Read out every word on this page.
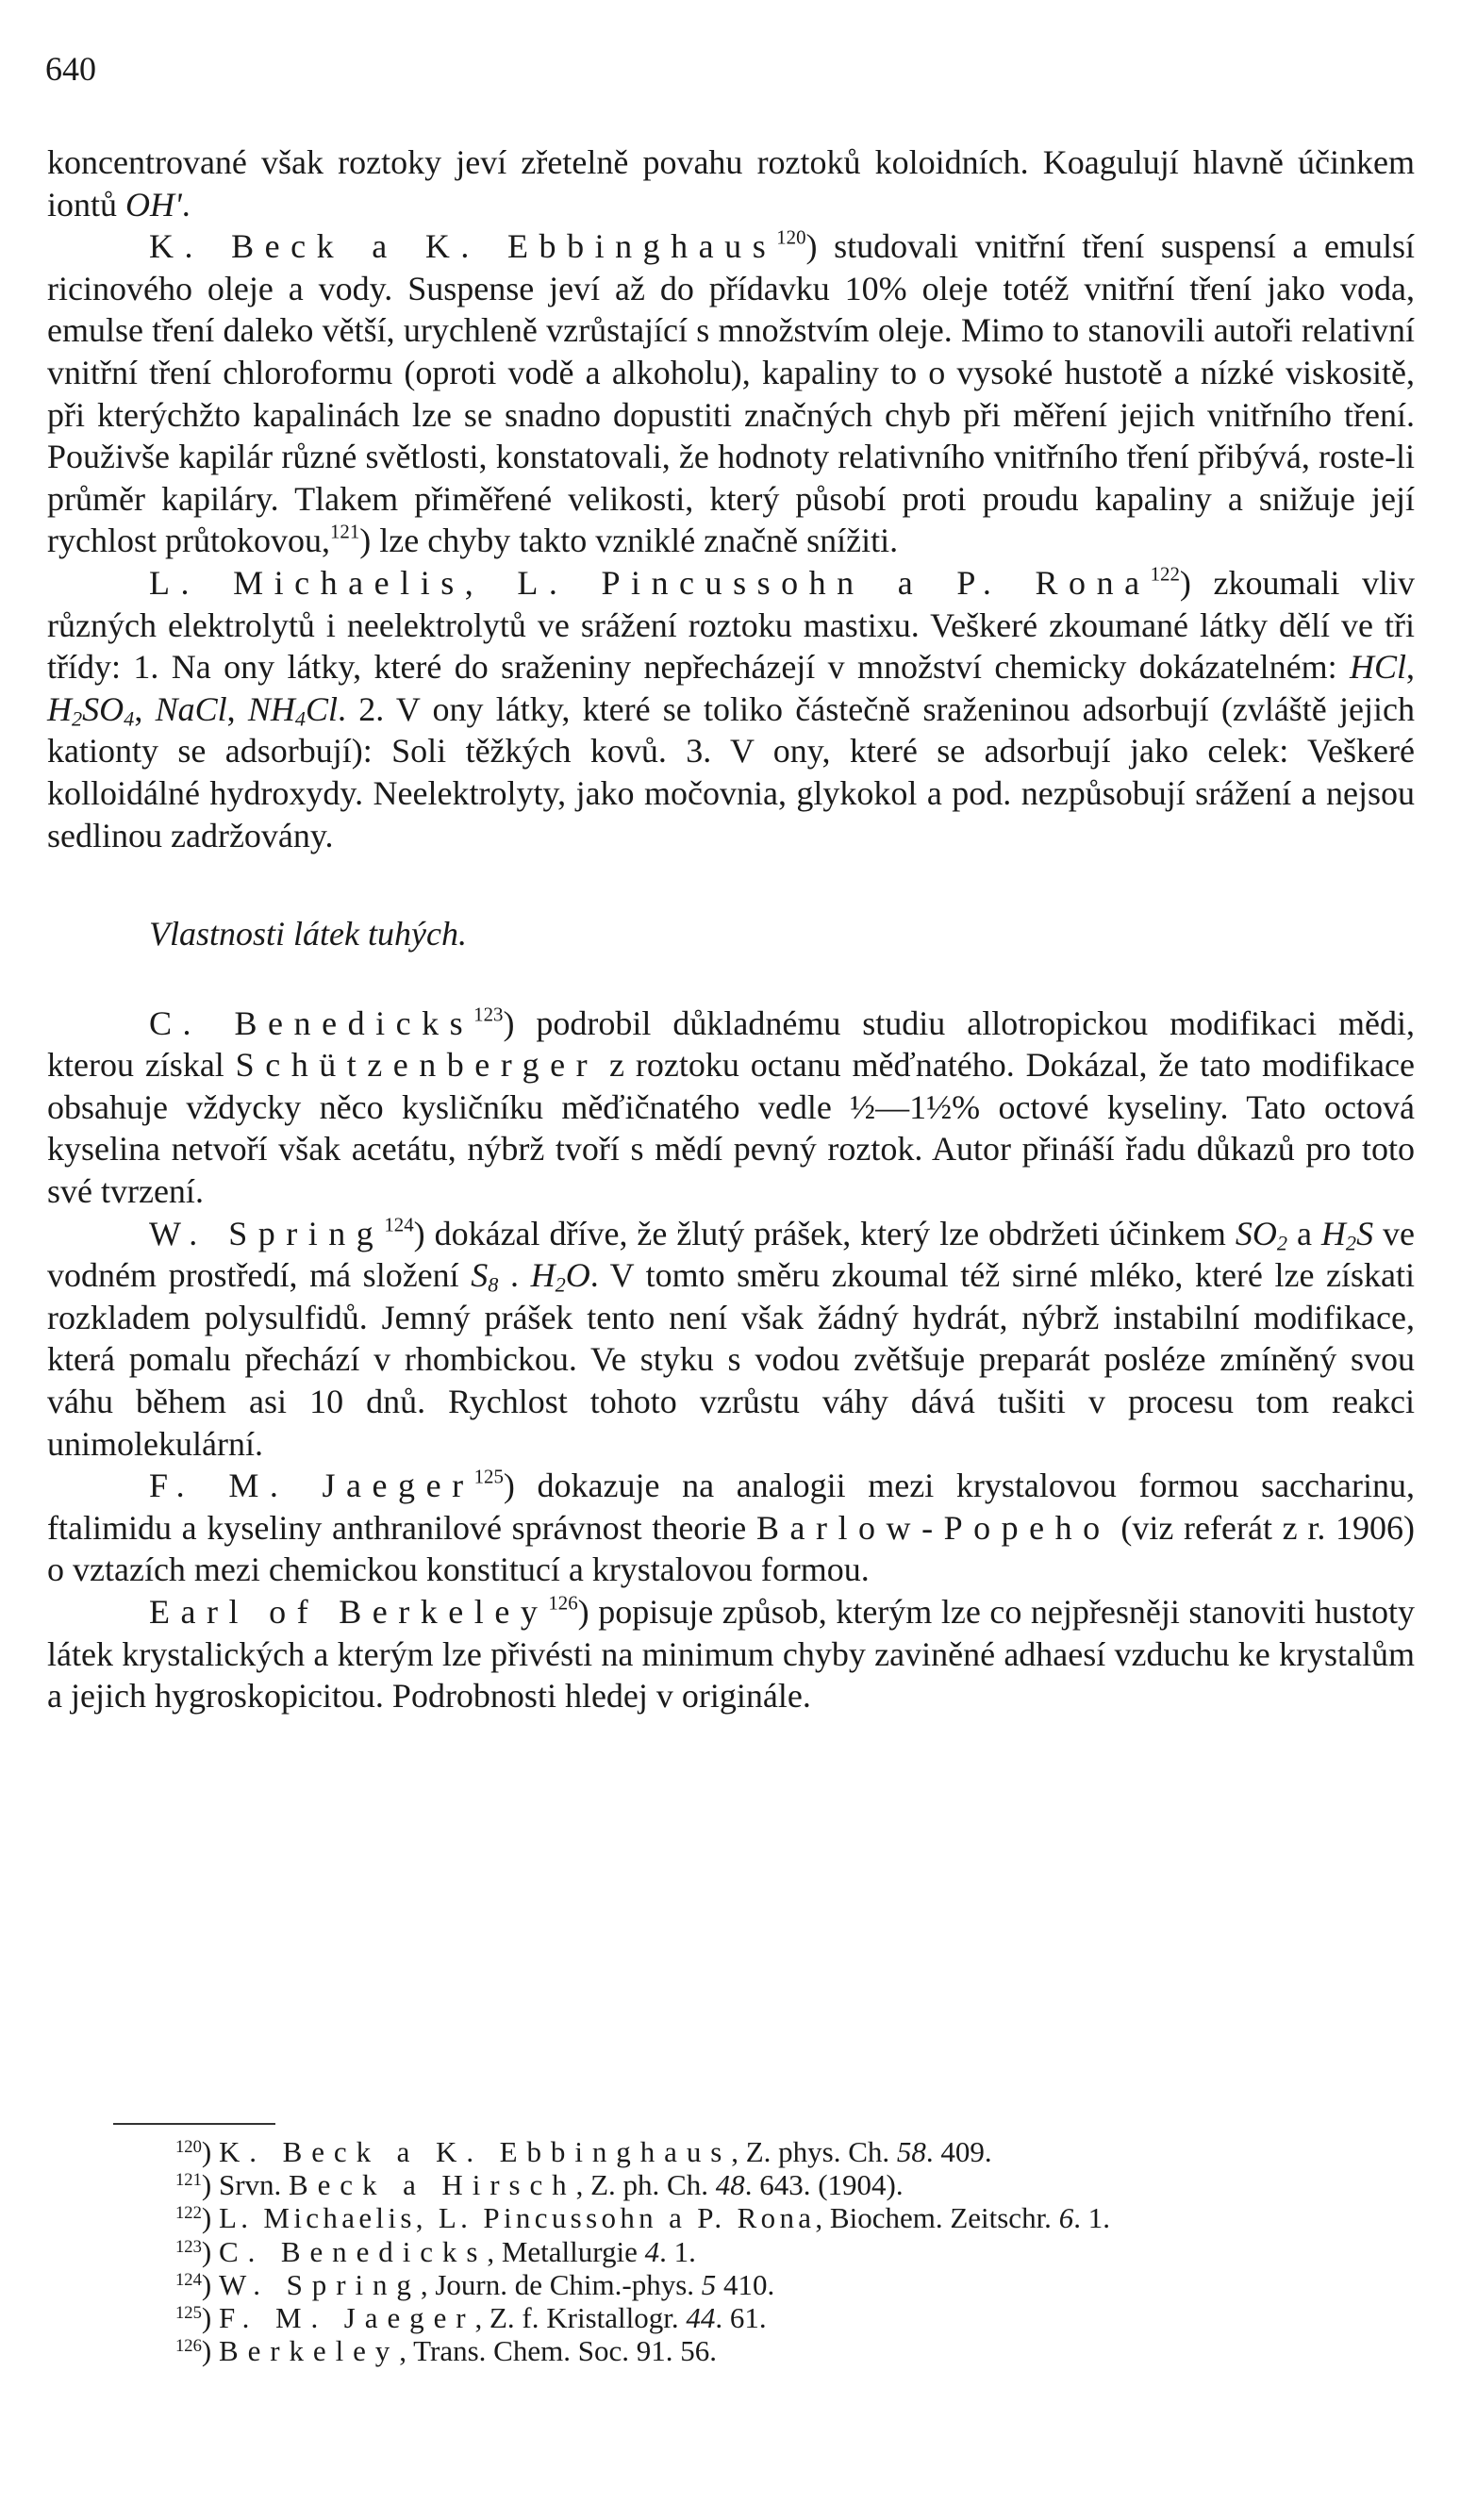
640

koncentrované však roztoky jeví zřetelně povahu roztoků koloidních. Koagulují hlavně účinkem iontů OH'.

K. Beck a K. Ebbinghaus$^{120}$) studovali vnitřní tření suspensí a emulsí ricinového oleje a vody. Suspense jeví až do přídavku 10% oleje totéž vnitřní tření jako voda, emulse tření daleko větší, urychleně vzrůstající s množstvím oleje. Mimo to stanovili autoři relativní vnitřní tření chloroformu (oproti vodě a alkoholu), kapaliny to o vysoké hustotě a nízké viskositě, při kterýchžto kapalinách lze se snadno dopustiti značných chyb při měření jejich vnitřního tření. Použivše kapilár různé světlosti, konstatovali, že hodnoty relativního vnitřního tření přibývá, roste-li průměr kapiláry. Tlakem přiměřené velikosti, který působí proti proudu kapaliny a snižuje její rychlost průtokovou,$^{121}$) lze chyby takto vzniklé značně snížiti.

L. Michaelis, L. Pincussohn a P. Rona$^{122}$) zkoumali vliv různých elektrolytů i neelektrolytů ve srážení roztoku mastixu. Veškeré zkoumané látky dělí ve tři třídy: 1. Na ony látky, které do sraženiny nepřecházejí v množství chemicky dokázatelném: HCl, $H_2SO_4$, NaCl, $NH_4Cl$. 2. V ony látky, které se toliko částečně sraženinou adsorbují (zvláště jejich kationty se adsorbují): Soli těžkých kovů. 3. V ony, které se adsorbují jako celek: Veškeré kolloidálné hydroxydy. Neelektrolyty, jako močovnia, glykokol a pod. nezpůsobují srážení a nejsou sedlinou zadržovány.

Vlastnosti látek tuhých.

C. Benedicks$^{123}$) podrobil důkladnému studiu allotropickou modifikaci mědi, kterou získal Schützenberger z roztoku octanu měďnatého. Dokázal, že tato modifikace obsahuje vždycky něco kysličníku měďičnatého vedle ½—1½% octové kyseliny. Tato octová kyselina netvoří však acetátu, nýbrž tvoří s mědí pevný roztok. Autor přináší řadu důkazů pro toto své tvrzení.

W. Spring$^{124}$) dokázal dříve, že žlutý prášek, který lze obdržeti účinkem $SO_2$ a $H_2S$ ve vodném prostředí, má složení $S_8$ . $H_2O$. V tomto směru zkoumal též sirné mléko, které lze získati rozkladem polysulfidů. Jemný prášek tento není však žádný hydrát, nýbrž instabilní modifikace, která pomalu přechází v rhombickou. Ve styku s vodou zvětšuje preparát posléze zmíněný svou váhu během asi 10 dnů. Rychlost tohoto vzrůstu váhy dává tušiti v procesu tom reakci unimolekulární.

F. M. Jaeger$^{125}$) dokazuje na analogii mezi krystalovou formou saccharinu, ftalimidu a kyseliny anthranilové správnost theorie Barlow-Popeho (viz referát z r. 1906) o vztazích mezi chemickou konstitucí a krystalovou formou.

Earl of Berkeley$^{126}$) popisuje způsob, kterým lze co nejpřesněji stanoviti hustoty látek krystalických a kterým lze přivésti na minimum chyby zaviněné adhaesí vzduchu ke krystalům a jejich hygroskopicitou. Podrobnosti hledej v originále.

$^{120}$) K. Beck a K. Ebbinghaus, Z. phys. Ch. 58. 409.

$^{121}$) Srvn. Beck a Hirsch, Z. ph. Ch. 48. 643. (1904).

$^{122}$) L. Michaelis, L. Pincussohn a P. Rona, Biochem. Zeitschr. 6. 1.

$^{123}$) C. Benedicks, Metallurgie 4. 1.

$^{124}$) W. Spring, Journ. de Chim.-phys. 5 410.

$^{125}$) F. M. Jaeger, Z. f. Kristallogr. 44. 61.

$^{126}$) Berkeley, Trans. Chem. Soc. 91. 56.
